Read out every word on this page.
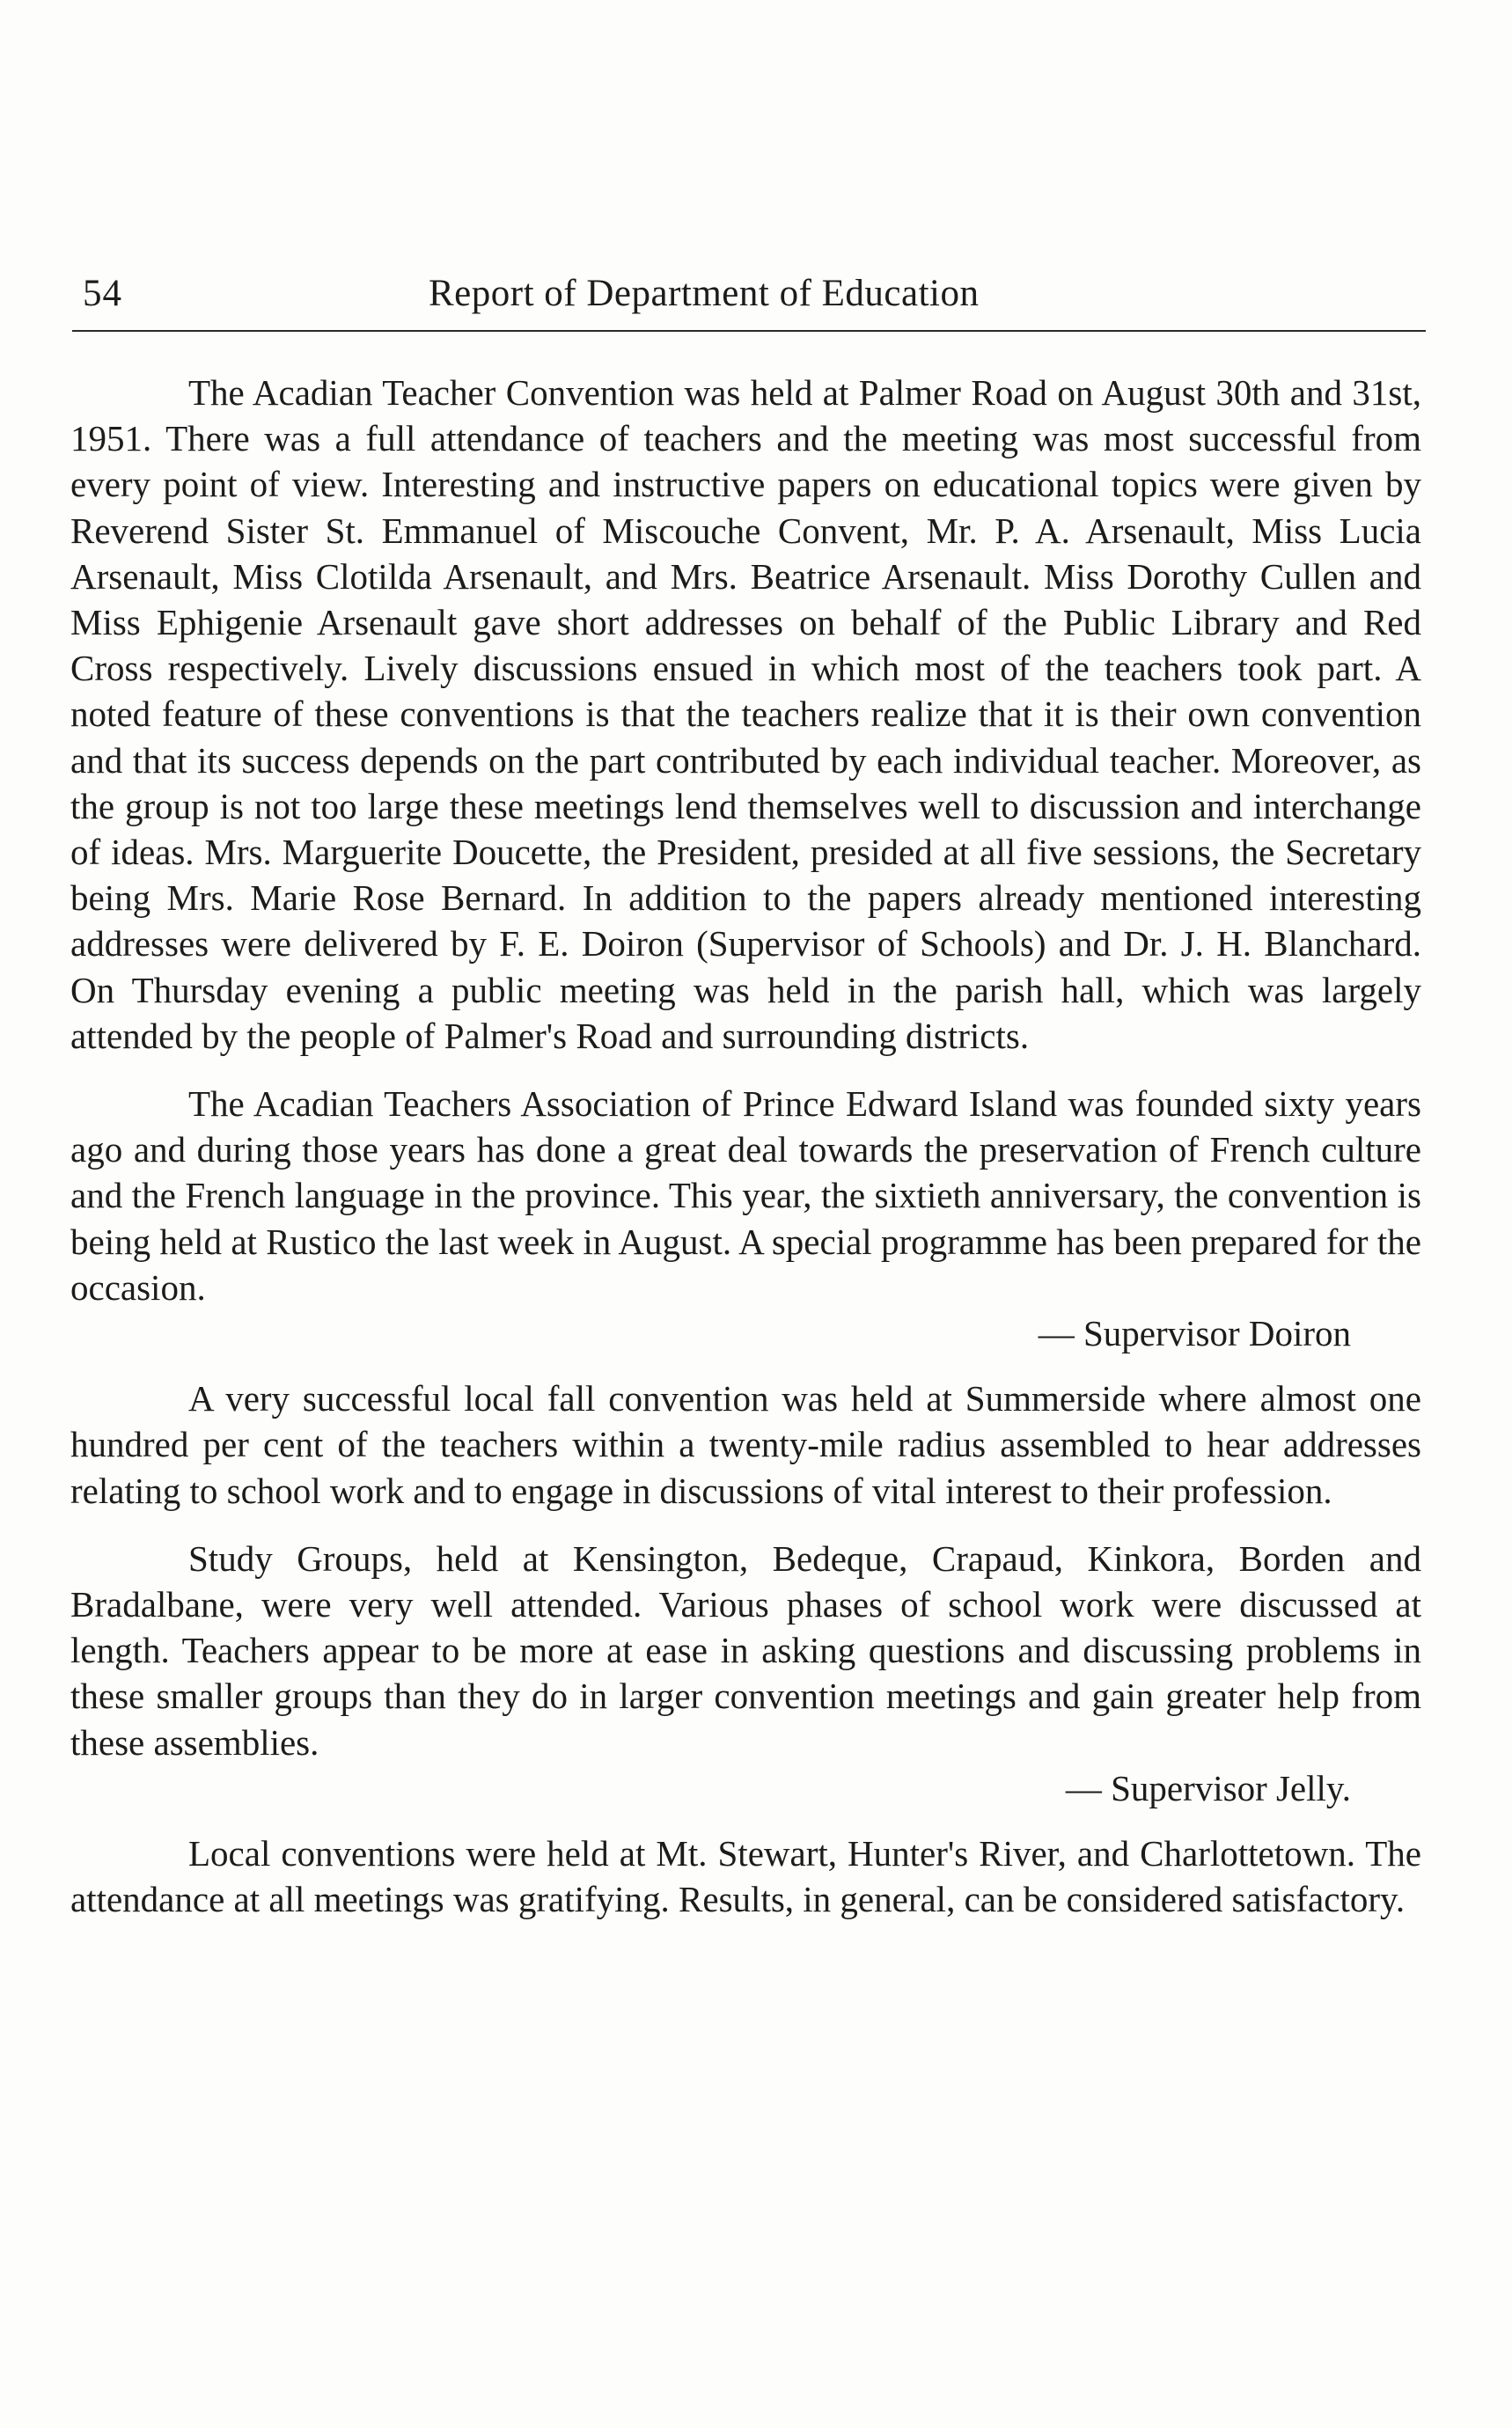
54	Report of Department of Education

The Acadian Teacher Convention was held at Palmer Road on August 30th and 31st, 1951. There was a full attendance of teachers and the meeting was most successful from every point of view. Interesting and instructive papers on educational topics were given by Reverend Sister St. Emmanuel of Miscouche Convent, Mr. P. A. Arsenault, Miss Lucia Arsenault, Miss Clotilda Arsenault, and Mrs. Beatrice Arsenault. Miss Dorothy Cullen and Miss Ephigenie Arsenault gave short addresses on behalf of the Public Library and Red Cross respectively. Lively discussions ensued in which most of the teachers took part. A noted feature of these conventions is that the teachers realize that it is their own convention and that its success depends on the part contributed by each individual teacher. Moreover, as the group is not too large these meetings lend themselves well to discussion and interchange of ideas. Mrs. Marguerite Doucette, the President, presided at all five sessions, the Secretary being Mrs. Marie Rose Bernard. In addition to the papers already mentioned interesting addresses were delivered by F. E. Doiron (Supervisor of Schools) and Dr. J. H. Blanchard. On Thursday evening a public meeting was held in the parish hall, which was largely attended by the people of Palmer's Road and surrounding districts.

The Acadian Teachers Association of Prince Edward Island was founded sixty years ago and during those years has done a great deal towards the preservation of French culture and the French language in the province. This year, the sixtieth anniversary, the convention is being held at Rustico the last week in August. A special programme has been prepared for the occasion.

— Supervisor Doiron

A very successful local fall convention was held at Summerside where almost one hundred per cent of the teachers within a twenty-mile radius assembled to hear addresses relating to school work and to engage in discussions of vital interest to their profession.

Study Groups, held at Kensington, Bedeque, Crapaud, Kinkora, Borden and Bradalbane, were very well attended. Various phases of school work were discussed at length. Teachers appear to be more at ease in asking questions and discussing problems in these smaller groups than they do in larger convention meetings and gain greater help from these assemblies.

— Supervisor Jelly.

Local conventions were held at Mt. Stewart, Hunter's River, and Charlottetown. The attendance at all meetings was gratifying. Results, in general, can be considered satisfactory.
